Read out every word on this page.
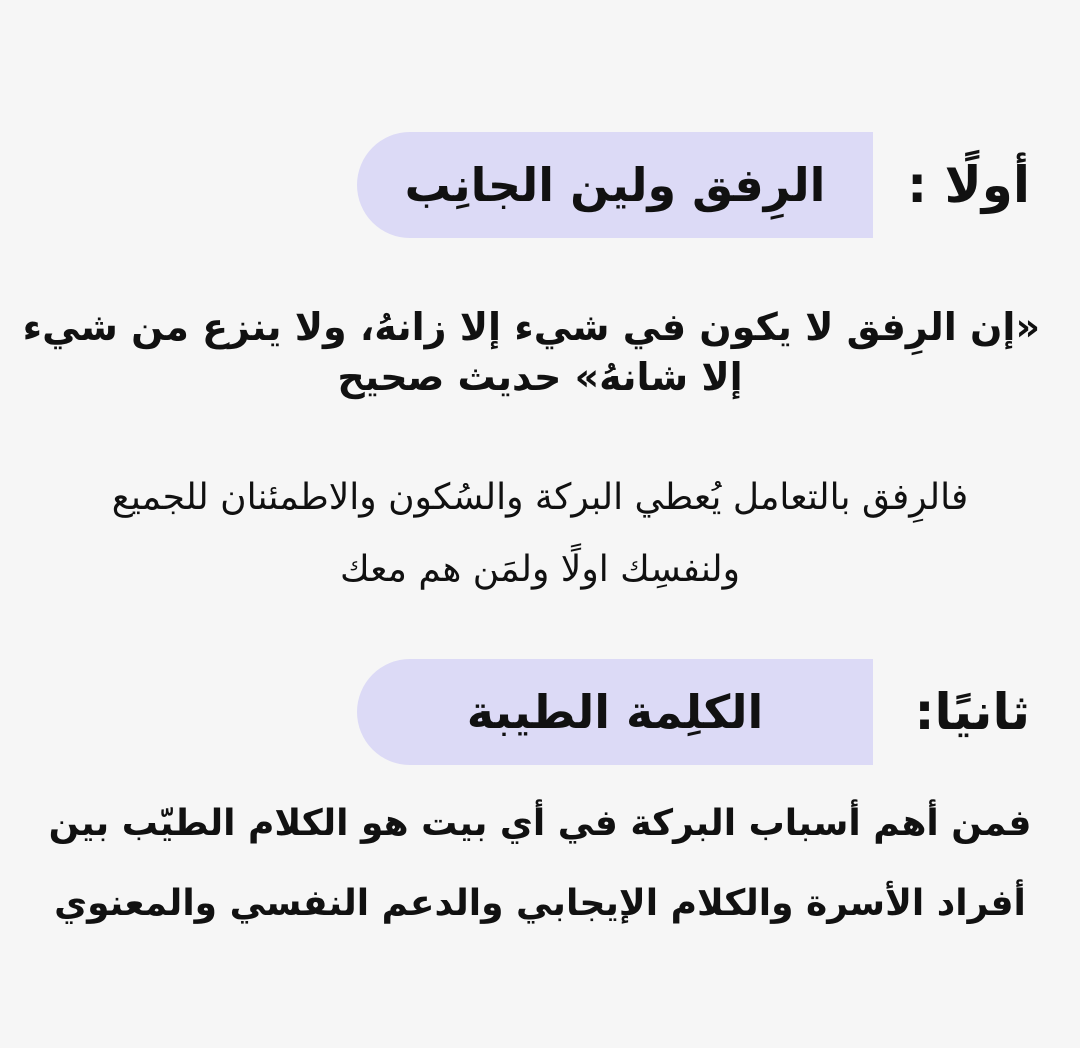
الرِفق ولين الجانِب أولًا :
«إن الرِفق لا يكون في شيء إلا زانهُ، ولا ينزع من شيء
إلا شانهُ» حديث صحيح
فالرِفق بالتعامل يُعطي البركة والسُكون والاطمئنان للجميع
ولنفسِك اولًا ولمَن هم معك
الكلِمة الطيبة	ثانيًا:
فمن أهم أسباب البركة في أي بيت هو الكلام الطيّب بين
أفراد الأسرة والكلام الإيجابي والدعم النفسي والمعنوي
